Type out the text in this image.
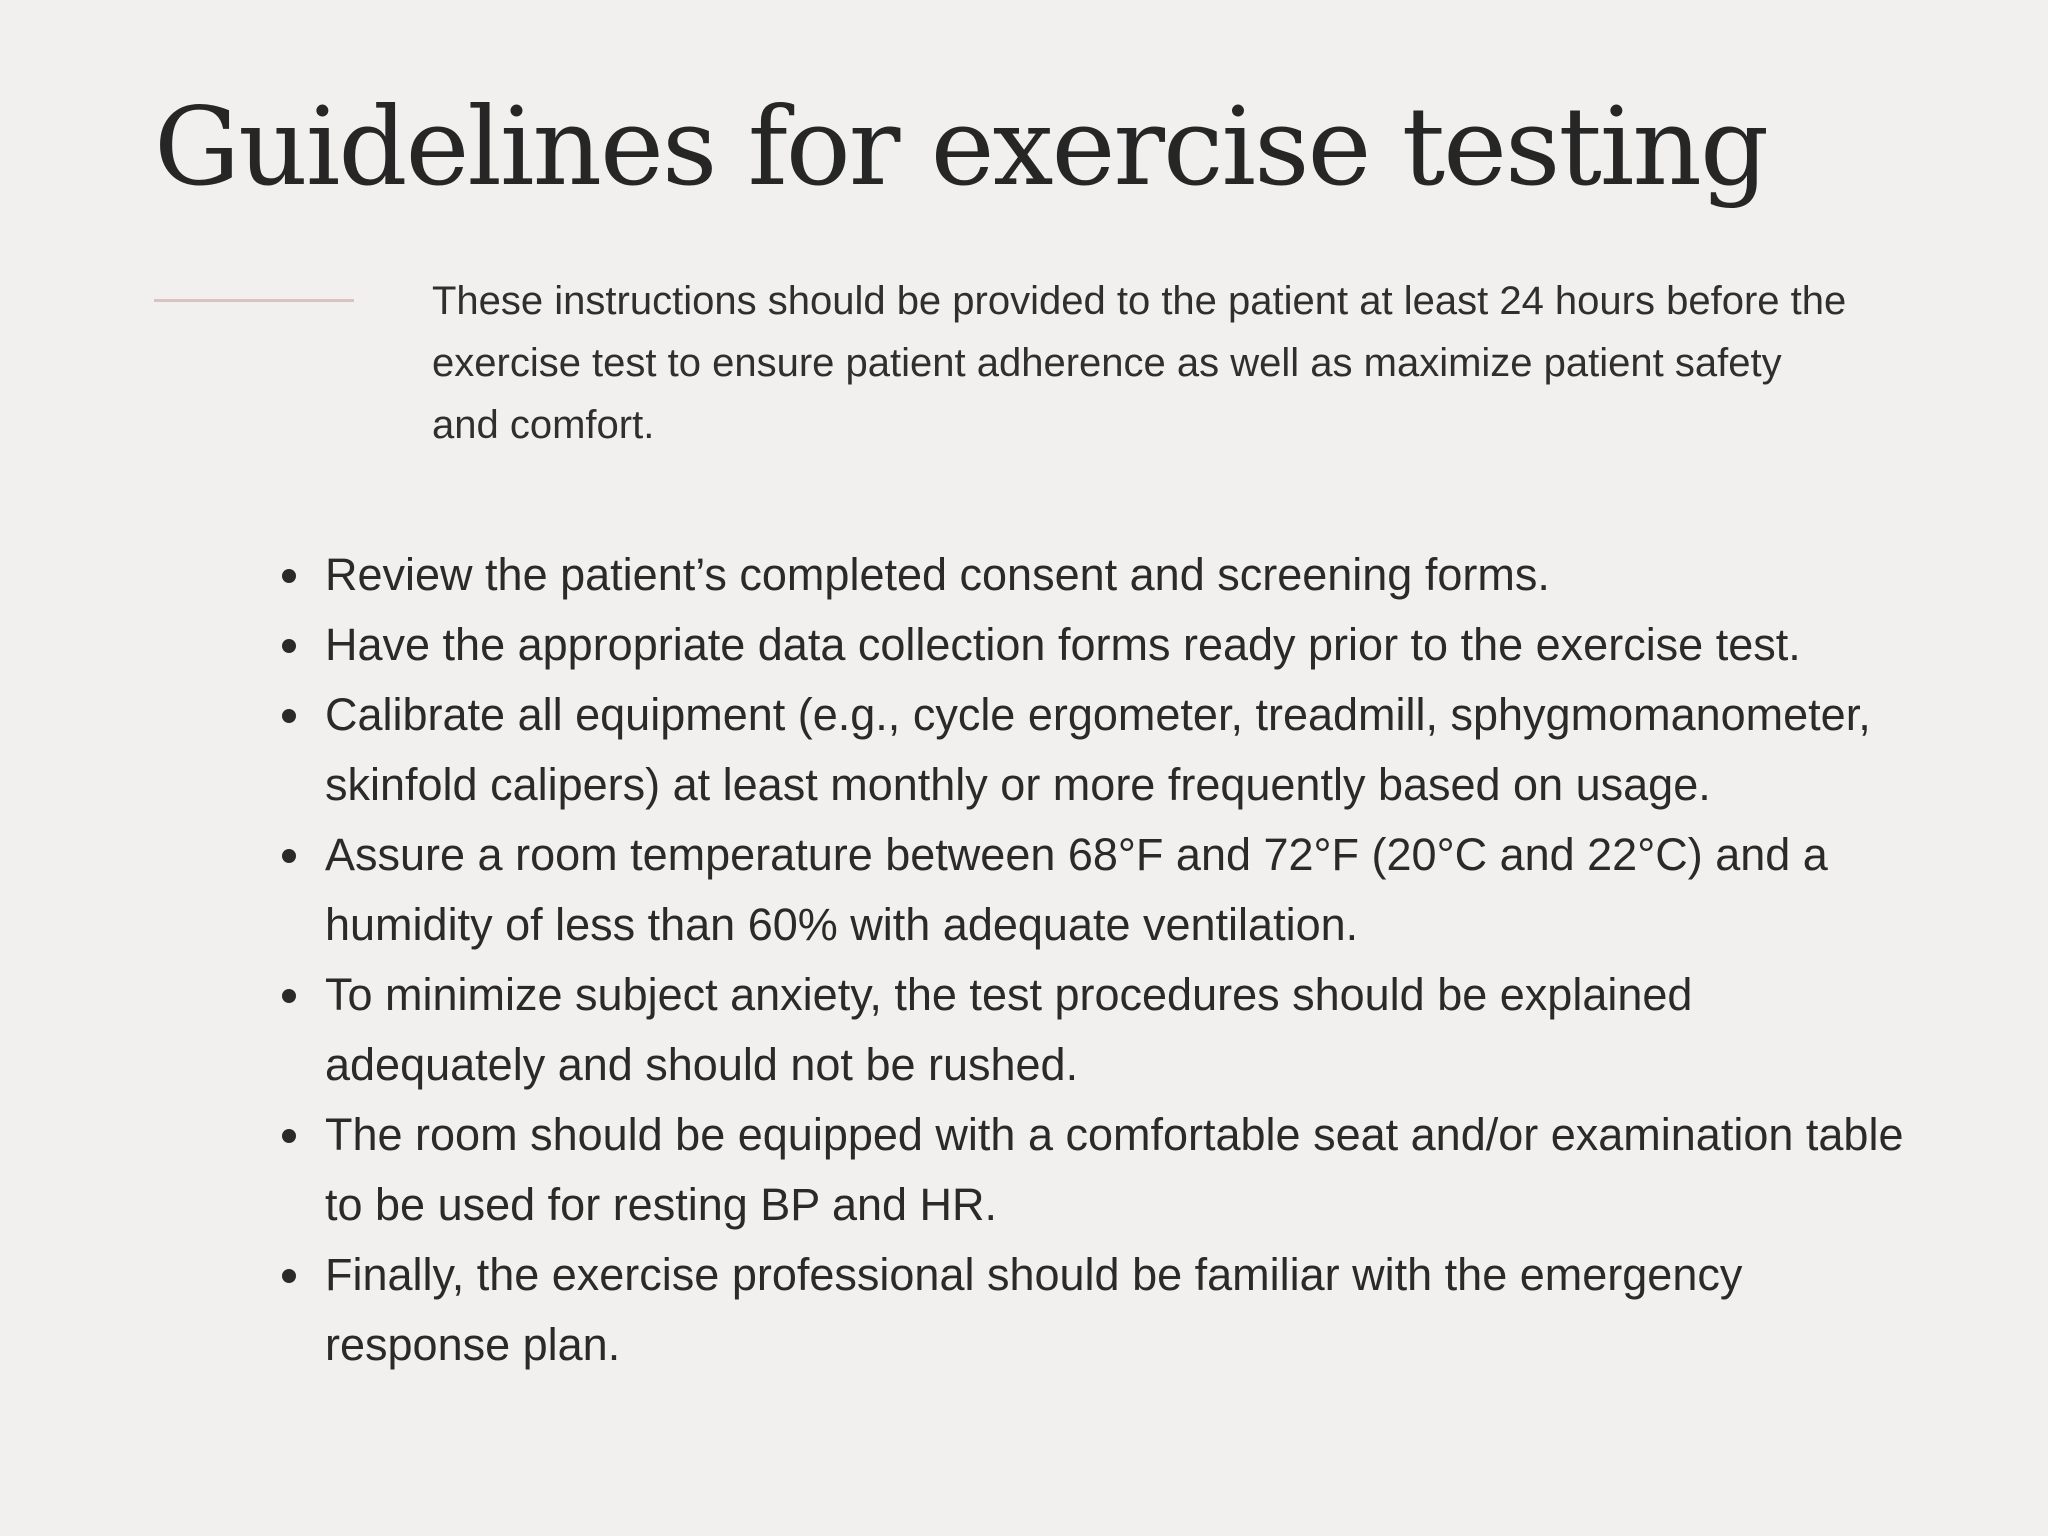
Guidelines for exercise testing

These instructions should be provided to the patient at least 24 hours before the exercise test to ensure patient adherence as well as maximize patient safety and comfort.

Review the patient’s completed consent and screening forms.
Have the appropriate data collection forms ready prior to the exercise test.
Calibrate all equipment (e.g., cycle ergometer, treadmill, sphygmomanometer, skinfold calipers) at least monthly or more frequently based on usage.
Assure a room temperature between 68°F and 72°F (20°C and 22°C) and a humidity of less than 60% with adequate ventilation.
To minimize subject anxiety, the test procedures should be explained adequately and should not be rushed.
The room should be equipped with a comfortable seat and/or examination table to be used for resting BP and HR.
Finally, the exercise professional should be familiar with the emergency response plan.
